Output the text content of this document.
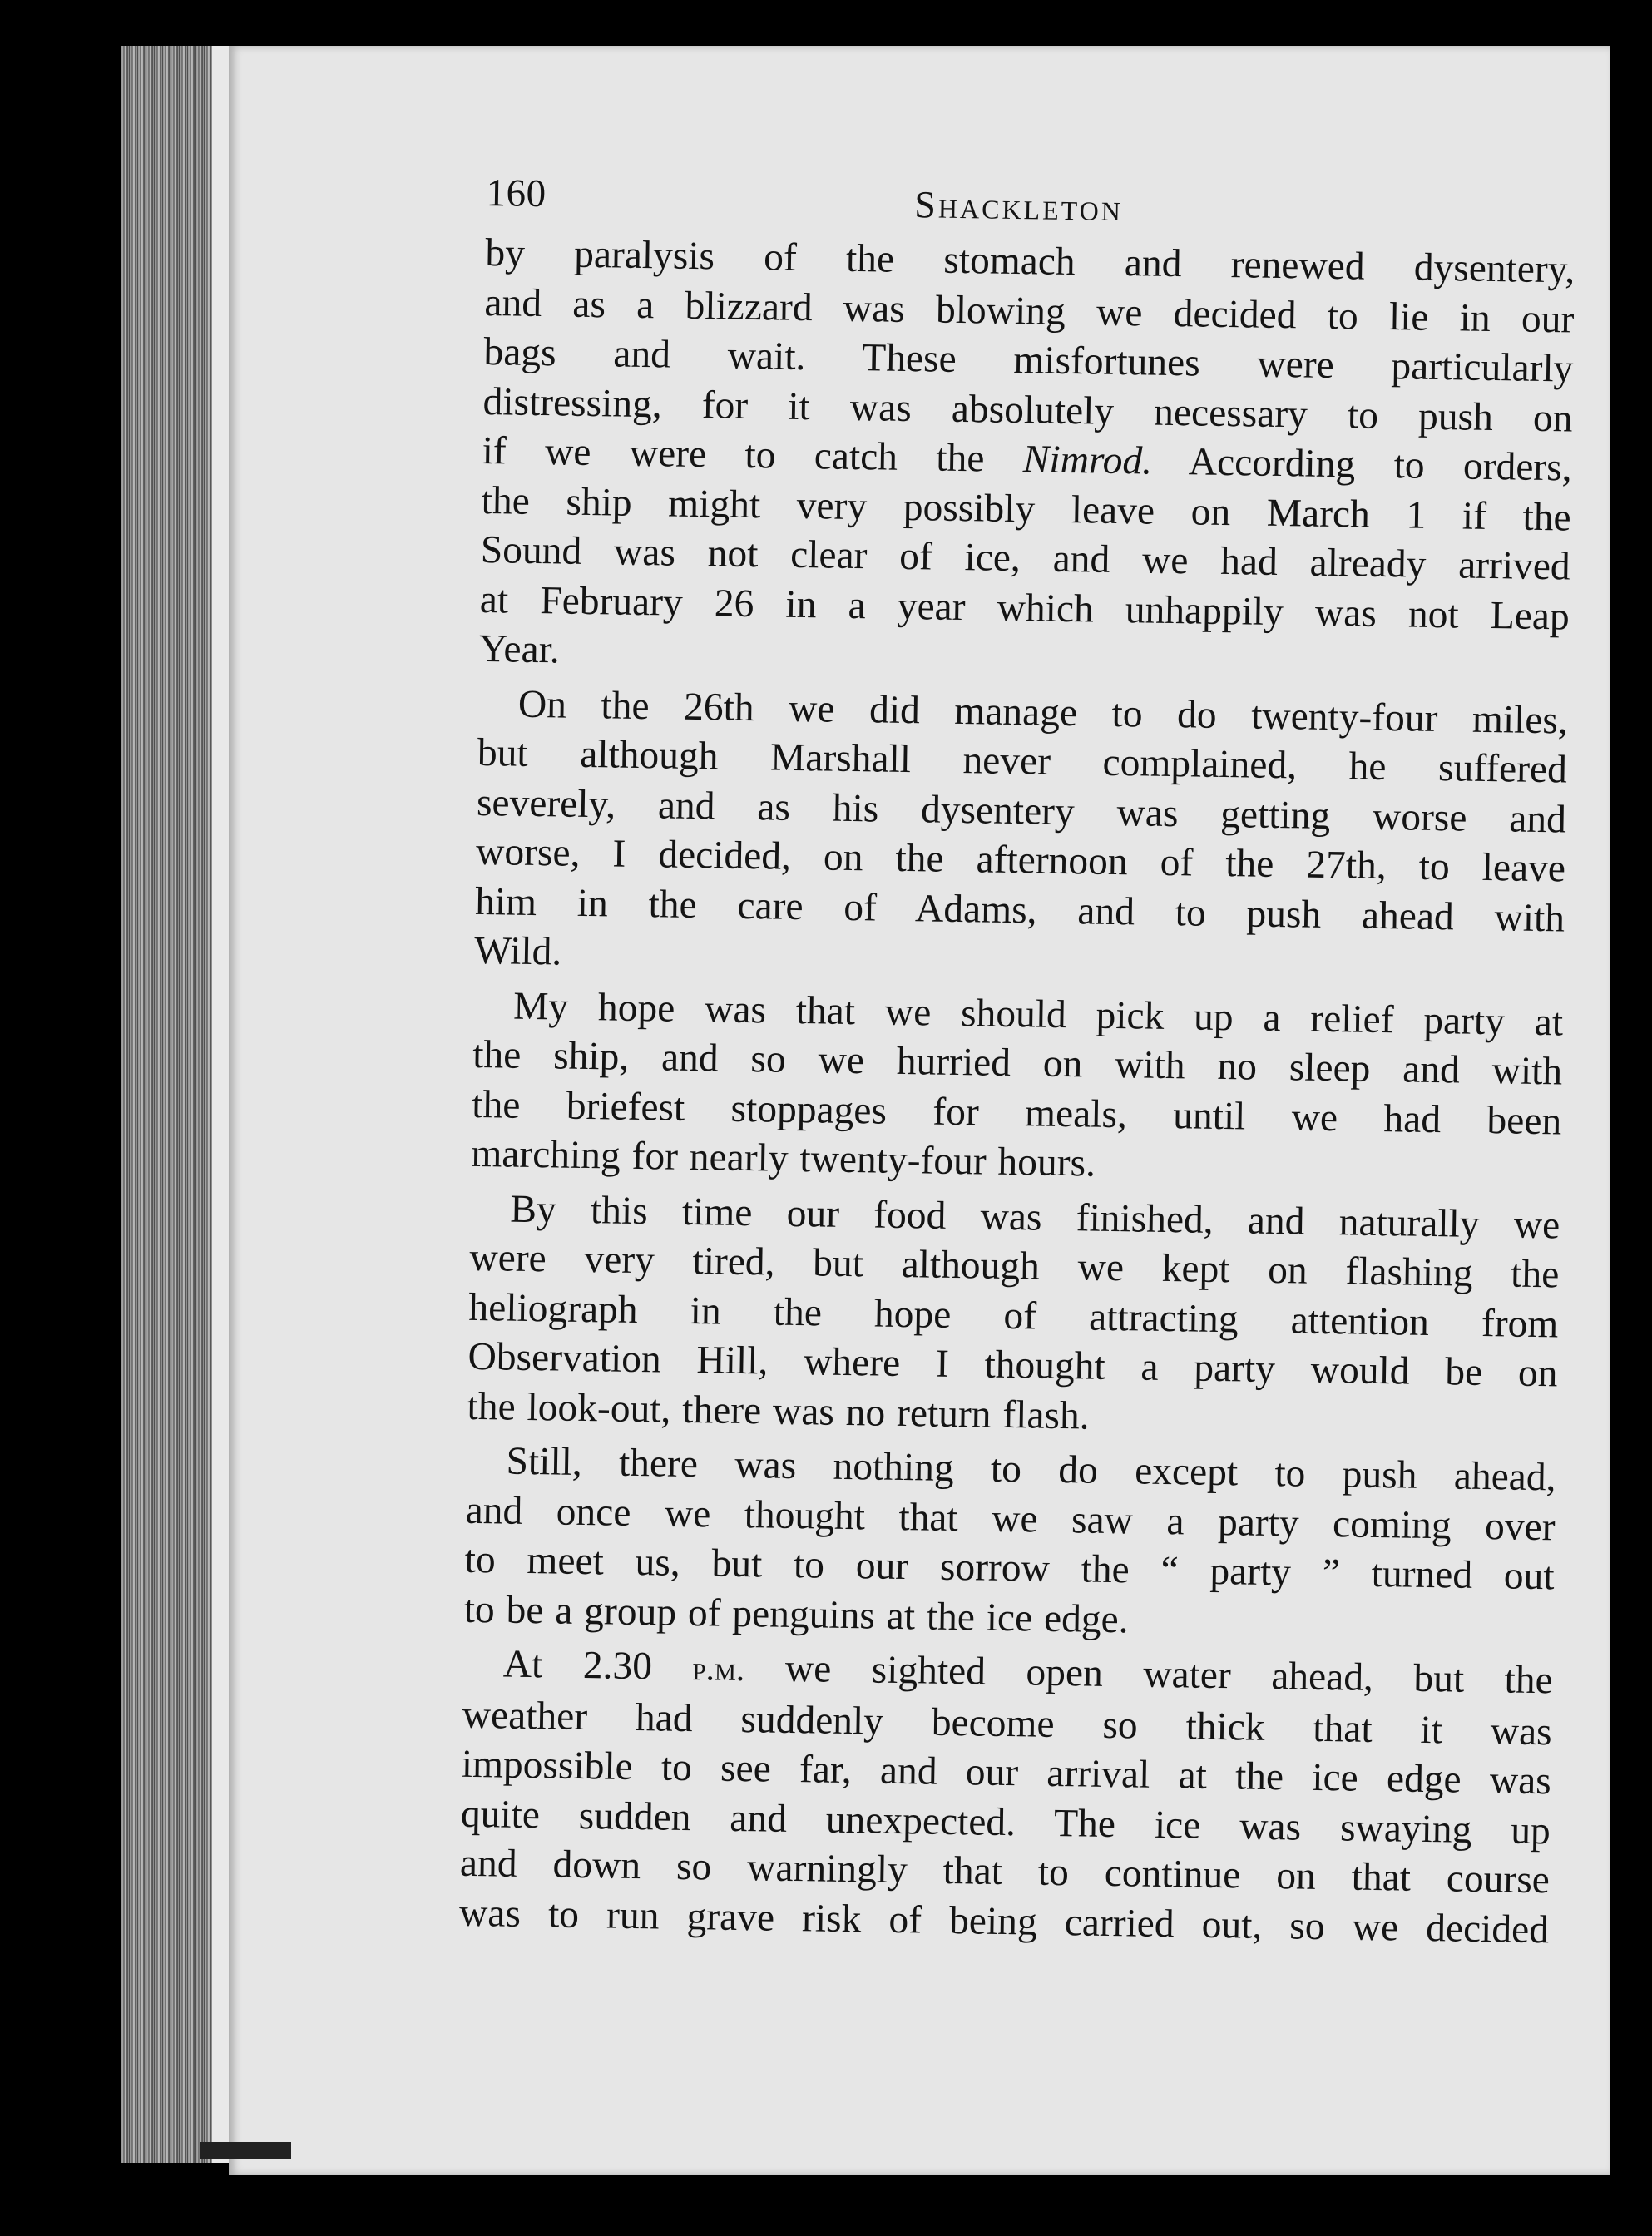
160	Shackleton

by paralysis of the stomach and renewed dysentery,
and as a blizzard was blowing we decided to lie in our
bags and wait. These misfortunes were particularly
distressing, for it was absolutely necessary to push on
if we were to catch the Nimrod. According to orders,
the ship might very possibly leave on March 1 if the
Sound was not clear of ice, and we had already arrived
at February 26 in a year which unhappily was not Leap
Year.

On the 26th we did manage to do twenty-four miles,
but although Marshall never complained, he suffered
severely, and as his dysentery was getting worse and
worse, I decided, on the afternoon of the 27th, to leave
him in the care of Adams, and to push ahead with
Wild.

My hope was that we should pick up a relief party at
the ship, and so we hurried on with no sleep and with
the briefest stoppages for meals, until we had been
marching for nearly twenty-four hours.

By this time our food was finished, and naturally we
were very tired, but although we kept on flashing the
heliograph in the hope of attracting attention from
Observation Hill, where I thought a party would be on
the look-out, there was no return flash.

Still, there was nothing to do except to push ahead,
and once we thought that we saw a party coming over
to meet us, but to our sorrow the “ party ” turned out
to be a group of penguins at the ice edge.

At 2.30 p.m. we sighted open water ahead, but the
weather had suddenly become so thick that it was
impossible to see far, and our arrival at the ice edge was
quite sudden and unexpected. The ice was swaying up
and down so warningly that to continue on that course
was to run grave risk of being carried out, so we decided
